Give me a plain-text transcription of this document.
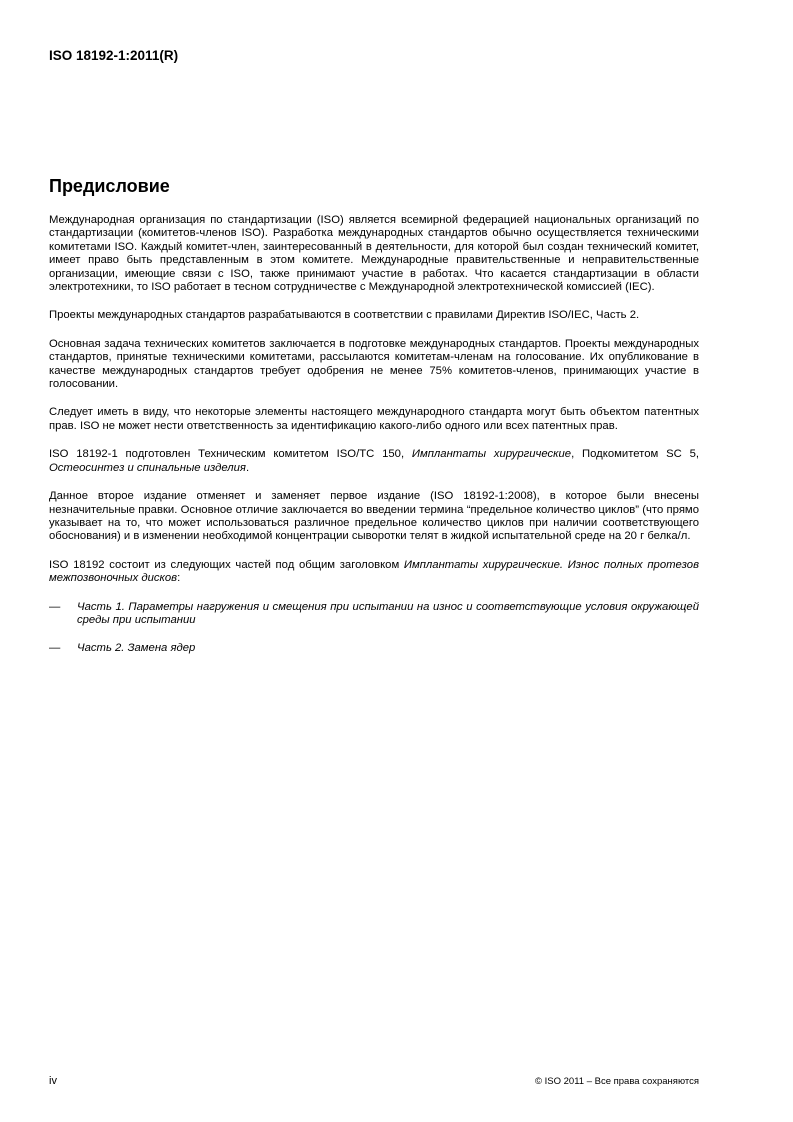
ISO 18192-1:2011(R)
Предисловие

Международная организация по стандартизации (ISO) является всемирной федерацией национальных организаций по стандартизации (комитетов-членов ISO). Разработка международных стандартов обычно осуществляется техническими комитетами ISO. Каждый комитет-член, заинтересованный в деятельности, для которой был создан технический комитет, имеет право быть представленным в этом комитете. Международные правительственные и неправительственные организации, имеющие связи с ISO, также принимают участие в работах. Что касается стандартизации в области электротехники, то ISO работает в тесном сотрудничестве с Международной электротехнической комиссией (IEC).

Проекты международных стандартов разрабатываются в соответствии с правилами Директив ISO/IEC, Часть 2.

Основная задача технических комитетов заключается в подготовке международных стандартов. Проекты международных стандартов, принятые техническими комитетами, рассылаются комитетам-членам на голосование. Их опубликование в качестве международных стандартов требует одобрения не менее 75% комитетов-членов, принимающих участие в голосовании.

Следует иметь в виду, что некоторые элементы настоящего международного стандарта могут быть объектом патентных прав. ISO не может нести ответственность за идентификацию какого-либо одного или всех патентных прав.

ISO 18192-1 подготовлен Техническим комитетом ISO/TC 150, Имплантаты хирургические, Подкомитетом SC 5, Остеосинтез и спинальные изделия.

Данное второе издание отменяет и заменяет первое издание (ISO 18192-1:2008), в которое были внесены незначительные правки. Основное отличие заключается во введении термина “предельное количество циклов” (что прямо указывает на то, что может использоваться различное предельное количество циклов при наличии соответствующего обоснования) и в изменении необходимой концентрации сыворотки телят в жидкой испытательной среде на 20 г белка/л.

ISO 18192 состоит из следующих частей под общим заголовком Имплантаты хирургические. Износ полных протезов межпозвоночных дисков:

—	Часть 1. Параметры нагружения и смещения при испытании на износ и соответствующие условия окружающей среды при испытании
—	Часть 2. Замена ядер
iv	© ISO 2011 – Все права сохраняются
